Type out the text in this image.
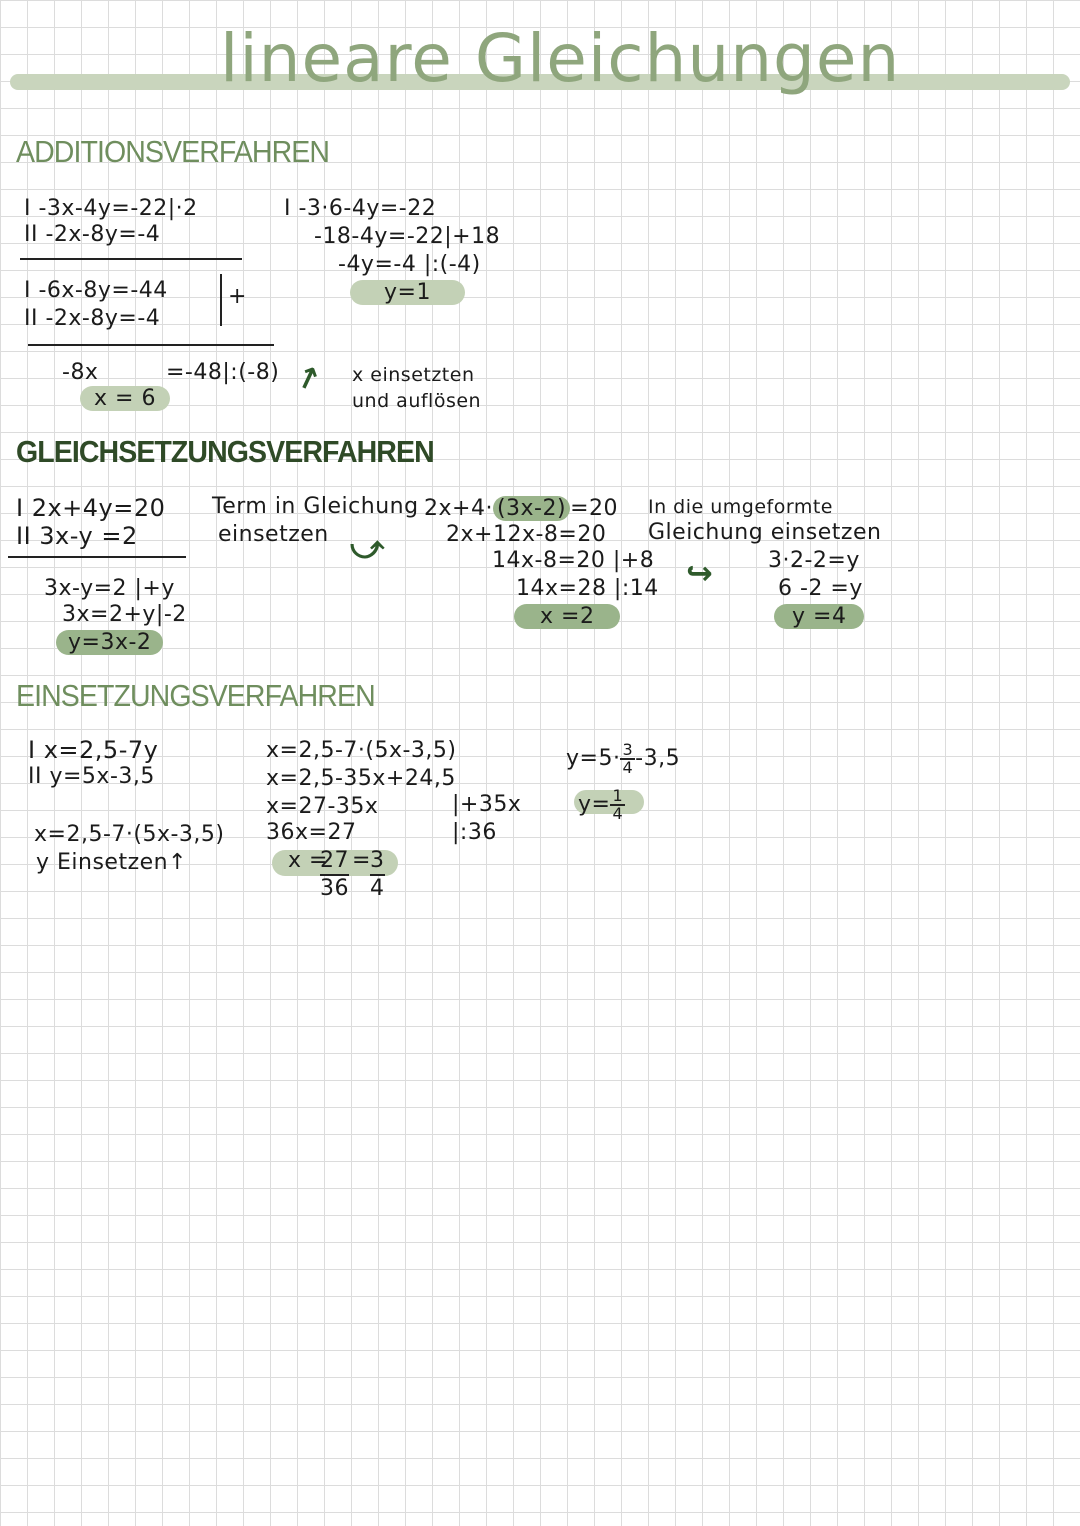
lineare Gleichungen
ADDITIONSVERFAHREN
I -3x-4y=-22|·2
II -2x-8y=-4
I -6x-8y=-44
II -2x-8y=-4
+
-8x	=-48|:(-8)
x = 6
I -3·6-4y=-22
-18-4y=-22|+18
-4y=-4 |:(-4)
y=1
↗ x einsetzten
und auflösen
GLEICHSETZUNGSVERFAHREN
I 2x+4y=20
II 3x-y =2
3x-y=2 |+y
3x=2+y|-2
y=3x-2
Term in Gleichung
einsetzen ⤻
2x+4· (3x-2) =20
2x+12x-8=20
14x-8=20 |+8
14x=28 |:14
x =2
In die umgeformte
Gleichung einsetzen
↪	3·2-2=y
6 -2 =y
y =4
EINSETZUNGSVERFAHREN
I x=2,5-7y
II y=5x-3,5
x=2,5-7·(5x-3,5)
y Einsetzen↑
x=2,5-7·(5x-3,5)
x=2,5-35x+24,5
x=27-35x	|+35x
36x=27	|:36
x =
27
36
= 3
4
$y=5\cdot \frac{3}{4} -3,5$
$y= \frac{1}{4}$
